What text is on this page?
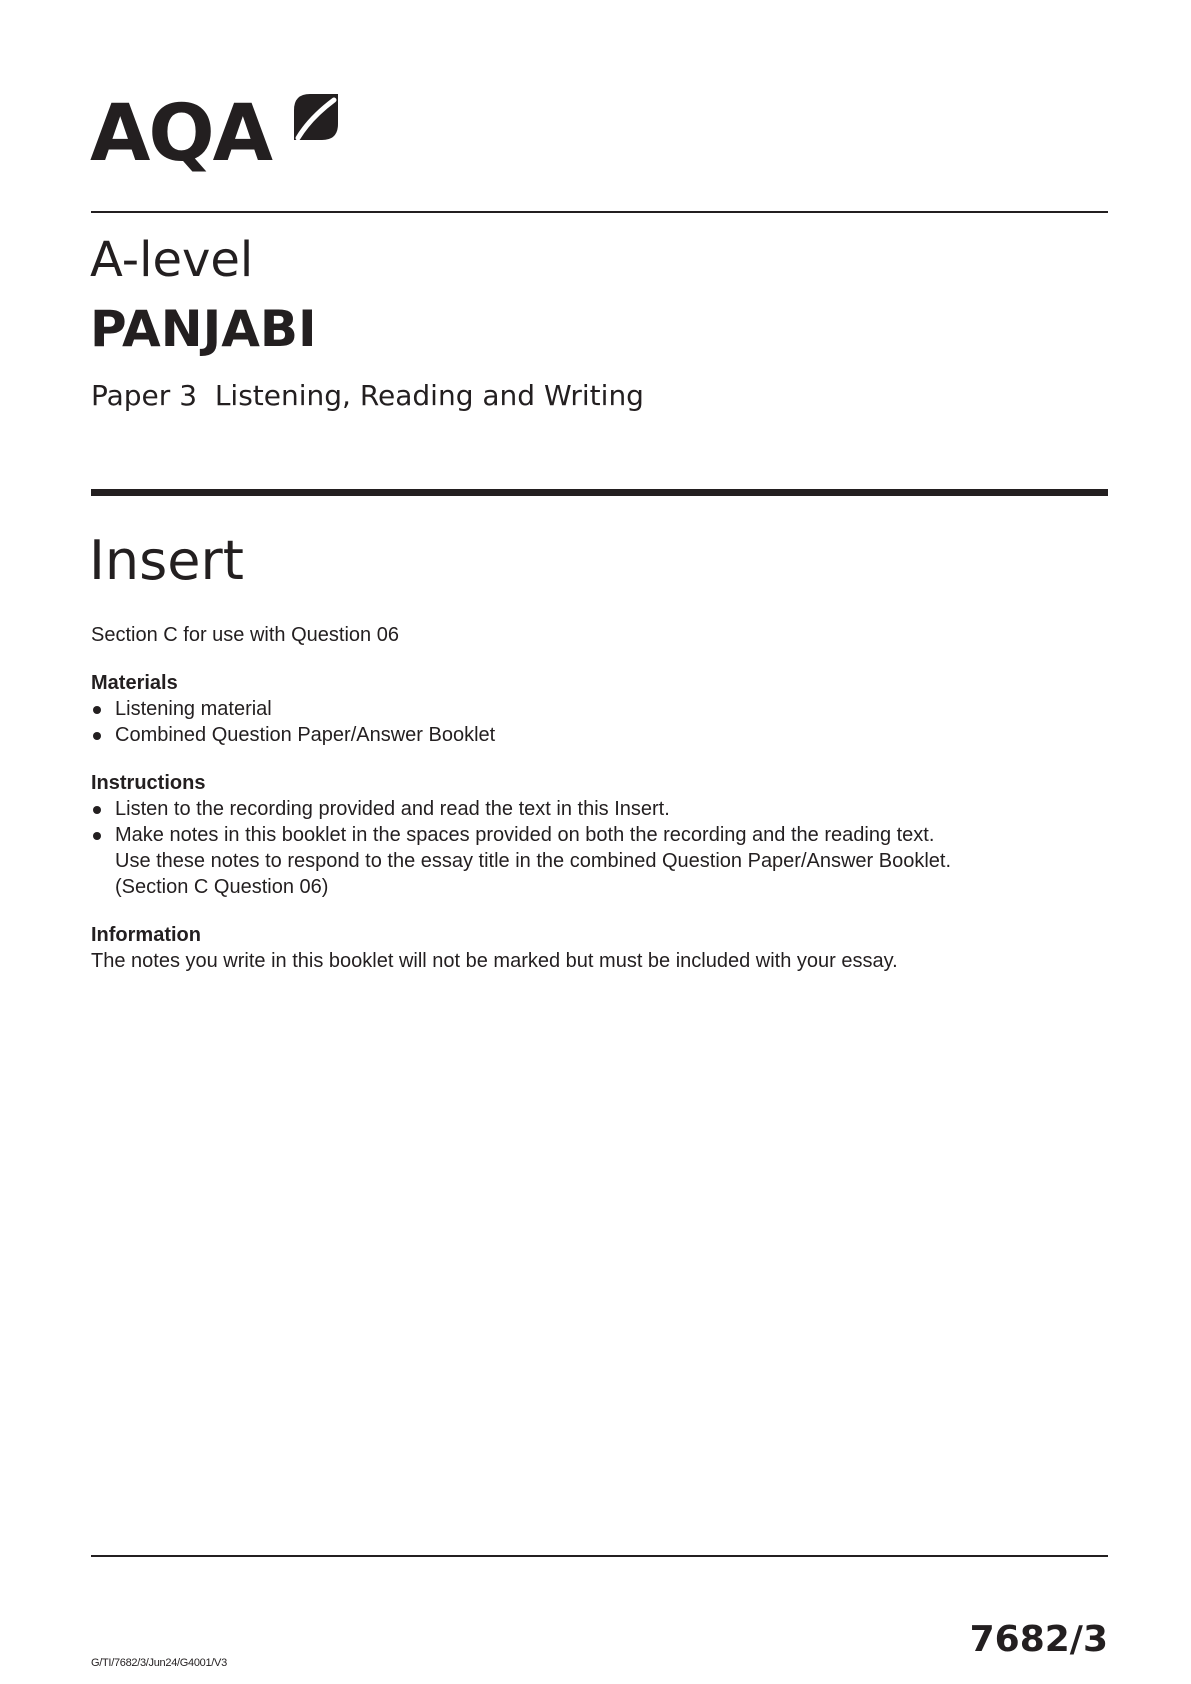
AQA
A-level
PANJABI
Paper 3  Listening, Reading and Writing
Insert

Section C for use with Question 06

Materials

Listening material
Combined Question Paper/Answer Booklet

Instructions

Listen to the recording provided and read the text in this Insert.
Make notes in this booklet in the spaces provided on both the recording and the reading text.
Use these notes to respond to the essay title in the combined Question Paper/Answer Booklet.
(Section C Question 06)

Information

The notes you write in this booklet will not be marked but must be included with your essay.

G/TI/7682/3/Jun24/G4001/V3
7682/3
